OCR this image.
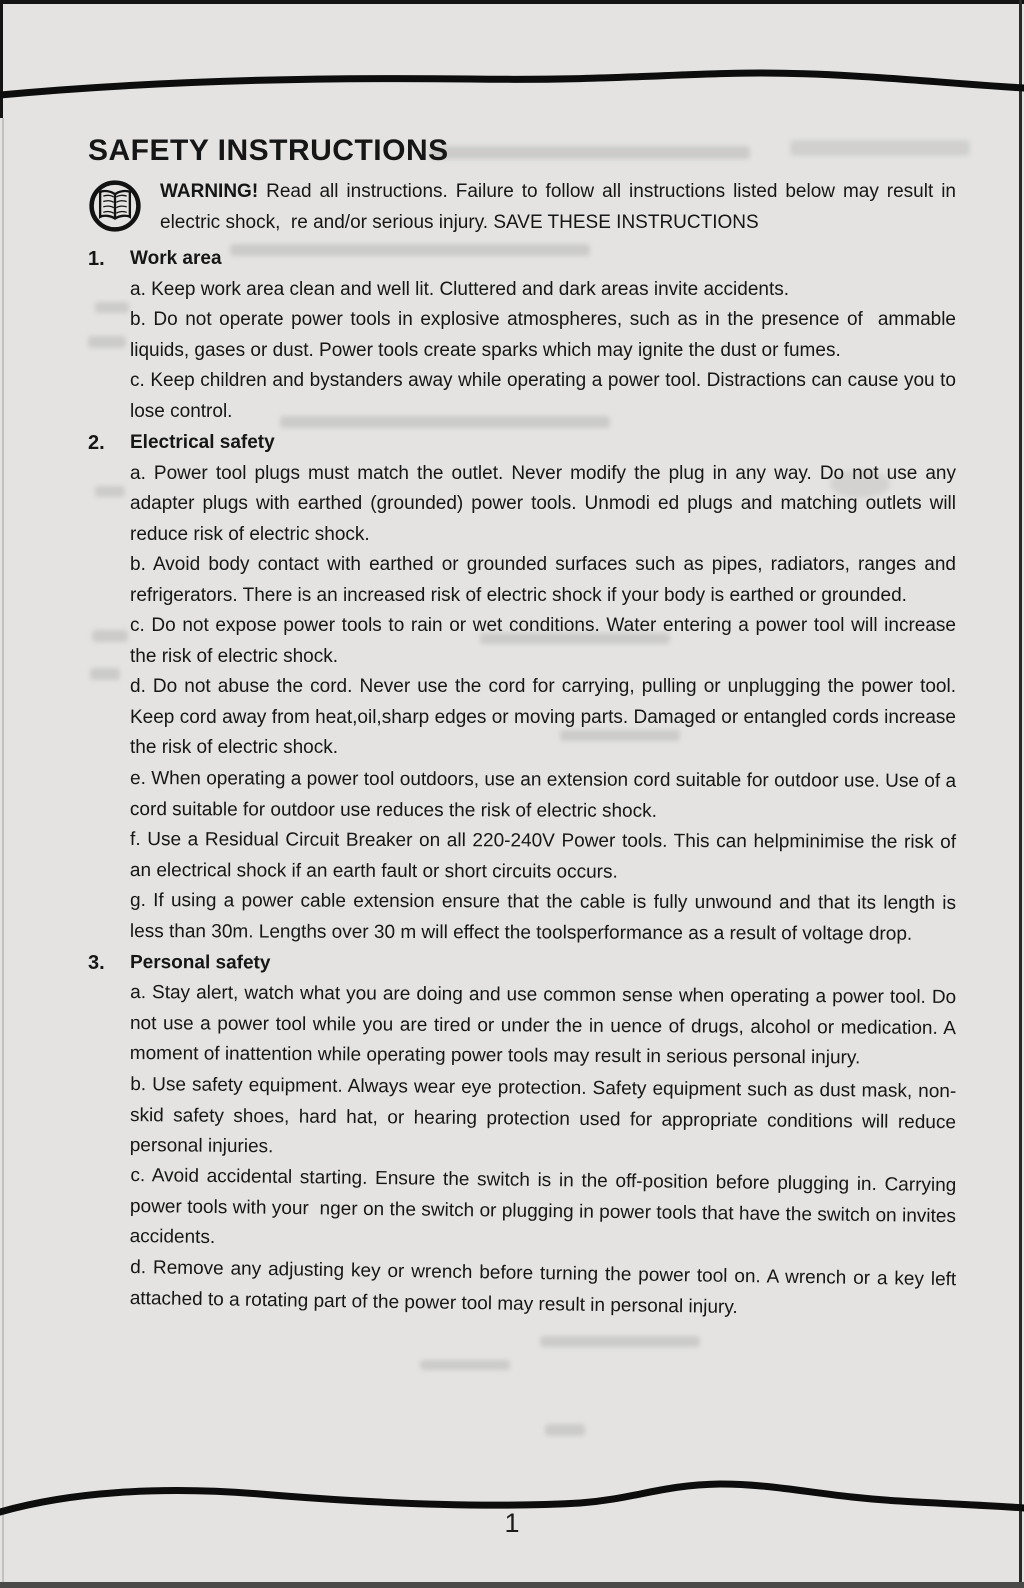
SAFETY INSTRUCTIONS
WARNING! Read all instructions. Failure to follow all instructions listed below may result in electric shock,  re and/or serious injury. SAVE THESE INSTRUCTIONS
1.	Work area

a. Keep work area clean and well lit. Cluttered and dark areas invite accidents.

b. Do not operate power tools in explosive atmospheres, such as in the presence of  ammable liquids, gases or dust. Power tools create sparks which may ignite the dust or fumes.

c. Keep children and bystanders away while operating a power tool. Distractions can cause you to lose control.

2.	Electrical safety

a. Power tool plugs must match the outlet. Never modify the plug in any way. Do not use any adapter plugs with earthed (grounded) power tools. Unmodi ed plugs and matching outlets will reduce risk of electric shock.

b. Avoid body contact with earthed or grounded surfaces such as pipes, radiators, ranges and refrigerators. There is an increased risk of electric shock if your body is earthed or grounded.

c. Do not expose power tools to rain or wet conditions. Water entering a power tool will increase the risk of electric shock.

d. Do not abuse the cord. Never use the cord for carrying, pulling or unplugging the power tool. Keep cord away from heat,oil,sharp edges or moving parts. Damaged or entangled cords increase the risk of electric shock.

e. When operating a power tool outdoors, use an extension cord suitable for outdoor use. Use of a cord suitable for outdoor use reduces the risk of electric shock.

f. Use a Residual Circuit Breaker on all 220-240V Power tools. This can helpminimise the risk of an electrical shock if an earth fault or short circuits occurs.

g. If using a power cable extension ensure that the cable is fully unwound and that its length is less than 30m. Lengths over 30 m will effect the toolsperformance as a result of voltage drop.

3.	Personal safety

a. Stay alert, watch what you are doing and use common sense when operating a power tool. Do not use a power tool while you are tired or under the in uence of drugs, alcohol or medication. A moment of inattention while operating power tools may result in serious personal injury.

b. Use safety equipment. Always wear eye protection. Safety equipment such as dust mask, non-skid safety shoes, hard hat, or hearing protection used for appropriate conditions will reduce personal injuries.

c. Avoid accidental starting. Ensure the switch is in the off-position before plugging in. Carrying power tools with your  nger on the switch or plugging in power tools that have the switch on invites accidents.

d. Remove any adjusting key or wrench before turning the power tool on. A wrench or a key left attached to a rotating part of the power tool may result in personal injury.

1
